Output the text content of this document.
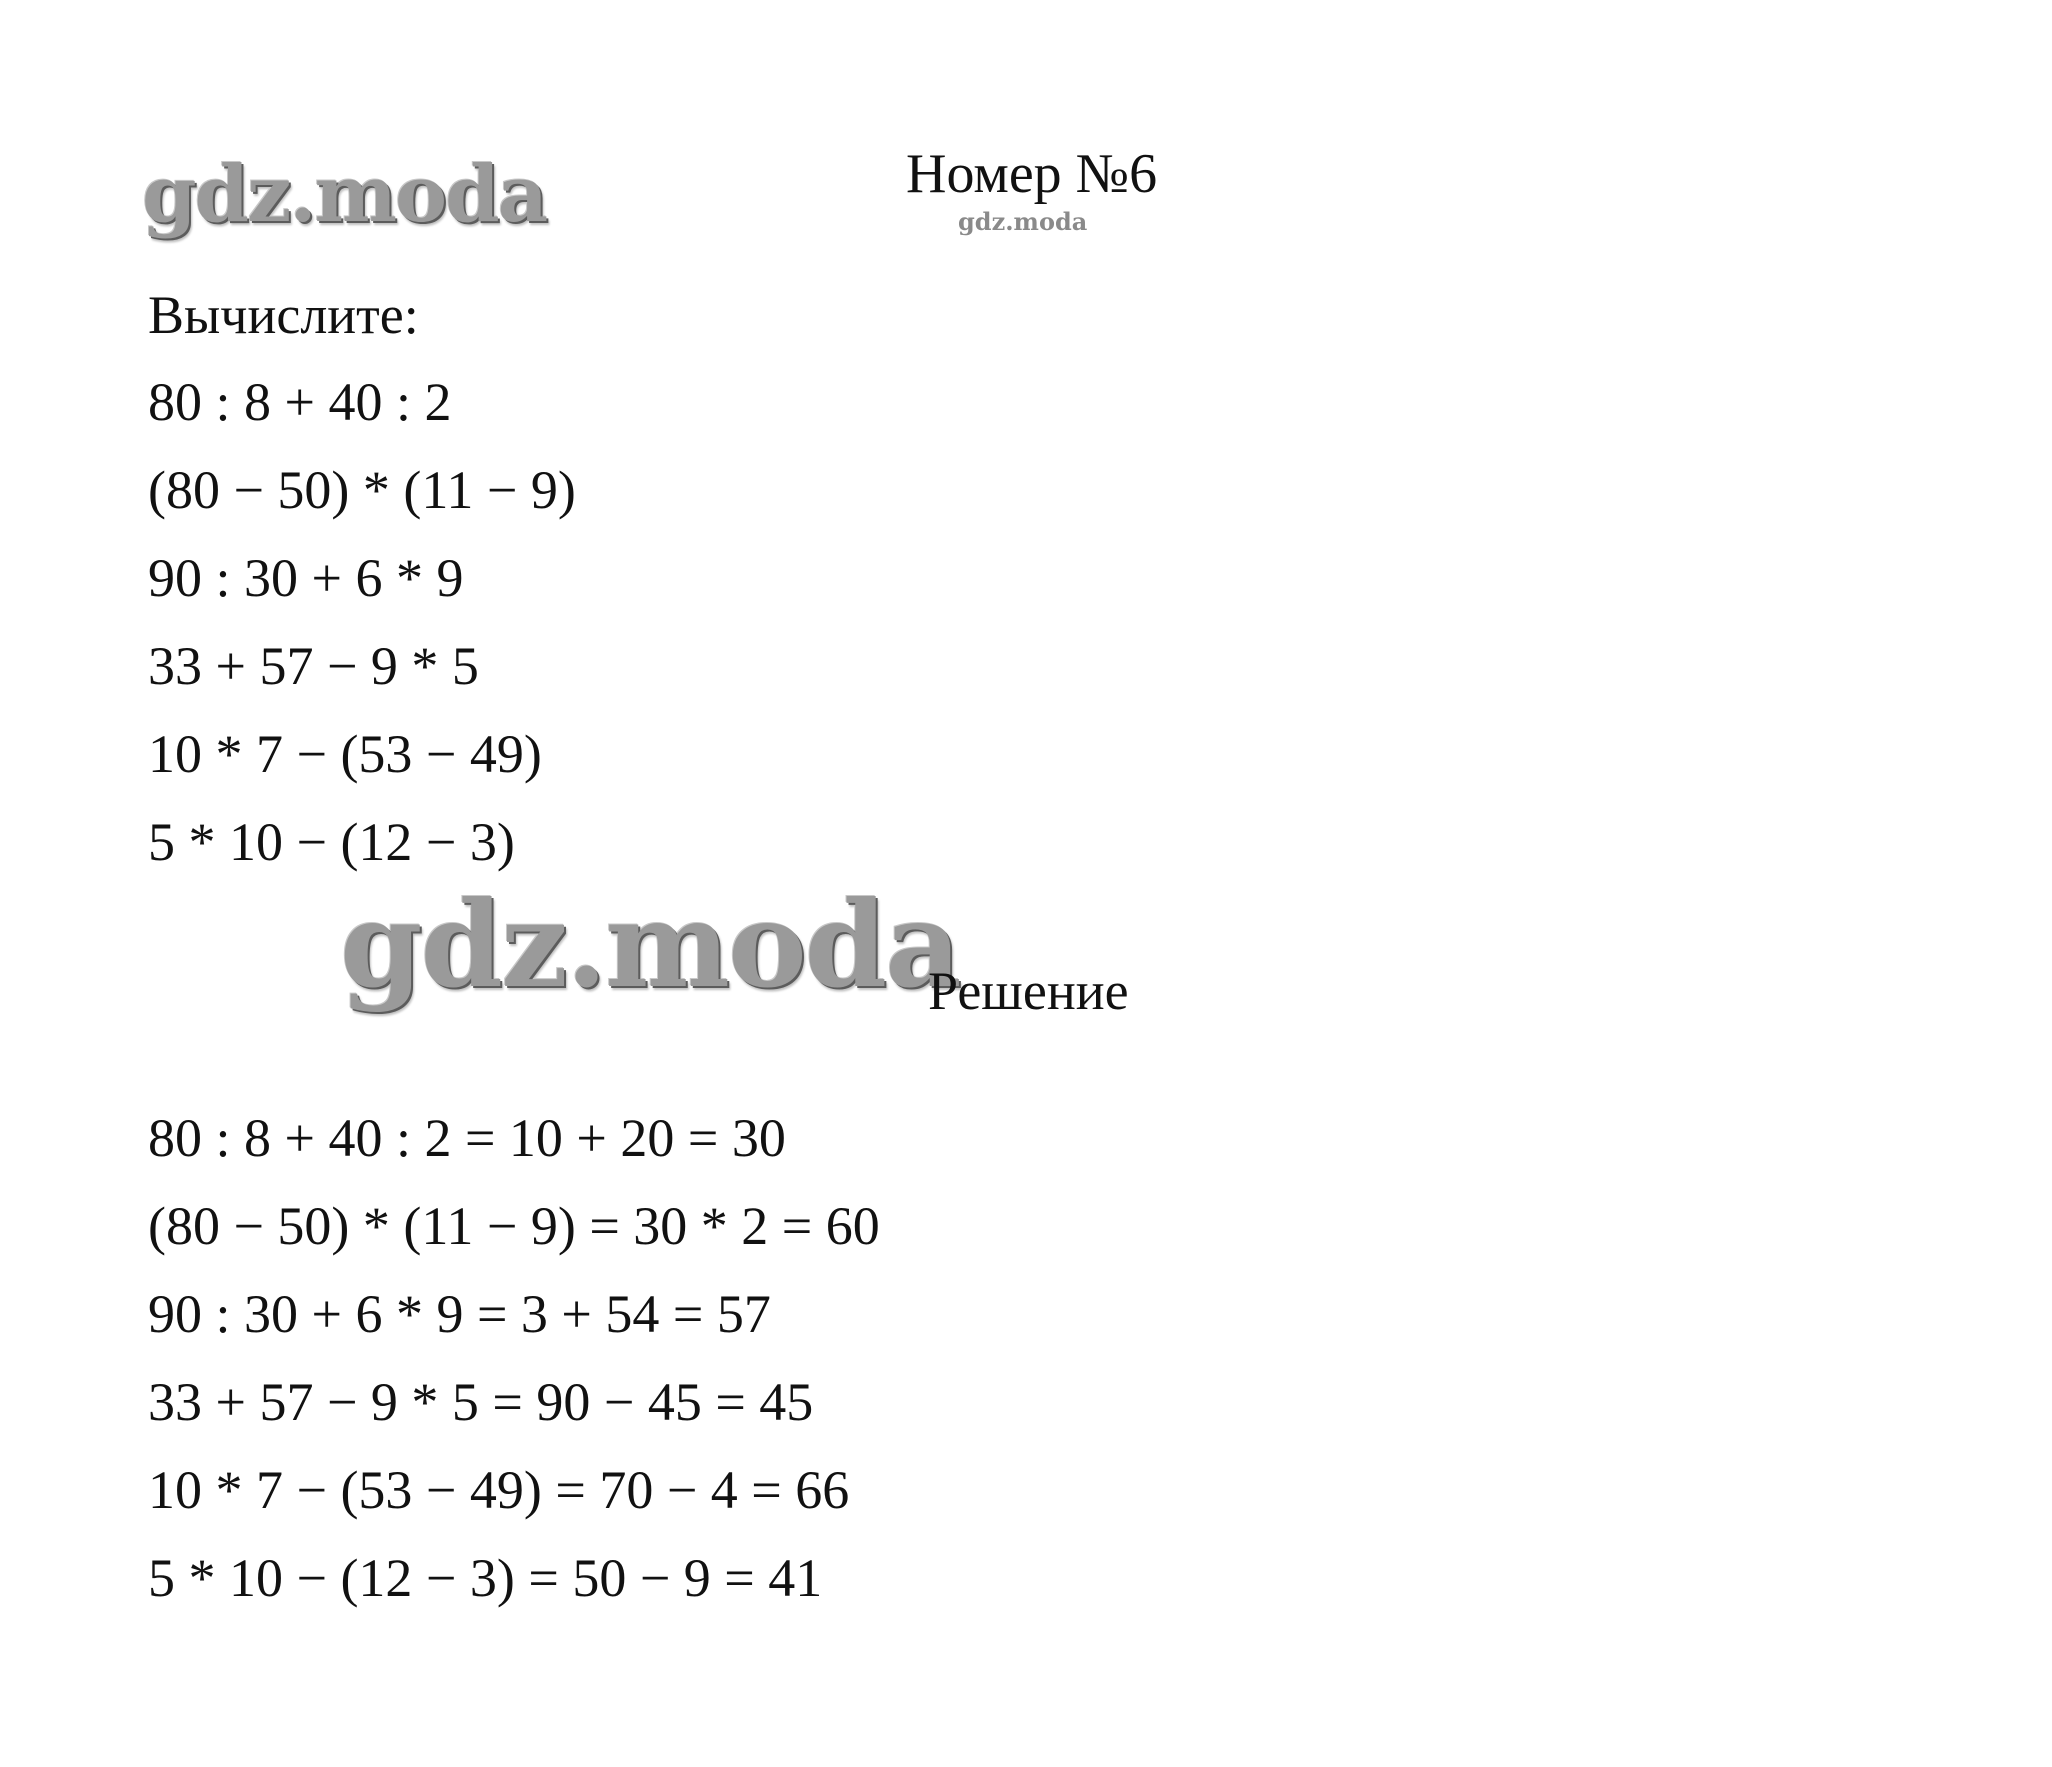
gdz.moda	Номер №6
gdz.moda
Вычислите:
80 : 8 + 40 : 2
(80 − 50) * (11 − 9)
90 : 30 + 6 * 9
33 + 57 − 9 * 5
10 * 7 − (53 − 49)
5 * 10 − (12 − 3)
gdz.moda
Решение
80 : 8 + 40 : 2 = 10 + 20 = 30
(80 − 50) * (11 − 9) = 30 * 2 = 60
90 : 30 + 6 * 9 = 3 + 54 = 57
33 + 57 − 9 * 5 = 90 − 45 = 45
10 * 7 − (53 − 49) = 70 − 4 = 66
5 * 10 − (12 − 3) = 50 − 9 = 41
